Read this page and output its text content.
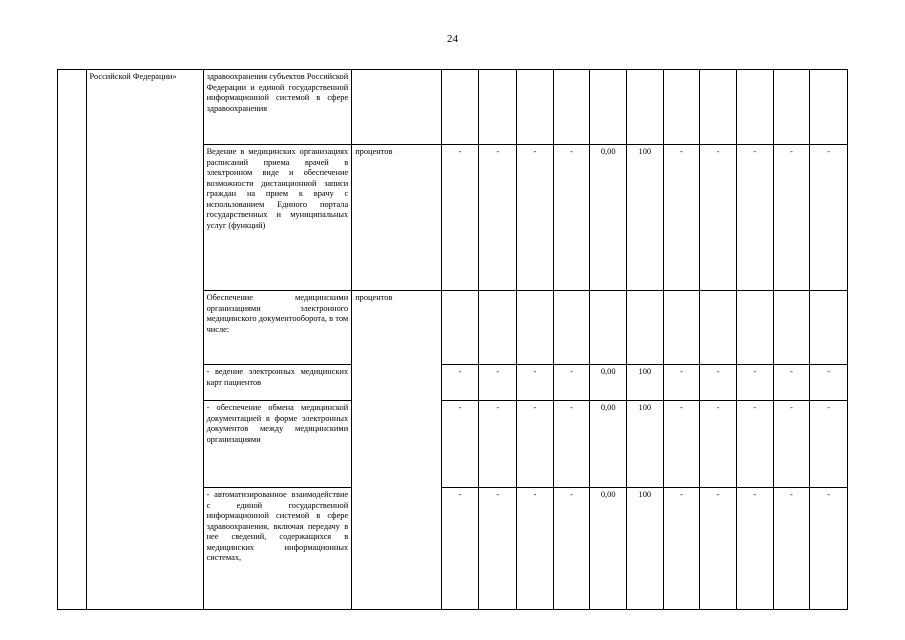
24
	Российской Федерации»	здравоохранения субъектов Российской Федерации и единой государственной информационной системой в сфере здравоохранения												
		Ведение в медицинских организациях расписаний приема врачей в электронном виде и обеспечение возможности дистанционной записи граждан на прием к врачу с использованием Единого портала государственных и муниципальных услуг (функций)	процентов	-	-	-	-	0,00	100	-	-	-	-	-
		Обеспечение медицинскими организациями электронного медицинского документооборота, в том числе:	процентов											
		- ведение электронных медицинских карт пациентов		-	-	-	-	0,00	100	-	-	-	-	-
		- обеспечение обмена медицинской документацией в форме электронных документов между медицинскими организациями		-	-	-	-	0,00	100	-	-	-	-	-
		- автоматизированное взаимодействие с единой государственной информационной системой в сфере здравоохранения, включая передачу в нее сведений, содержащихся в медицинских информационных системах,		-	-	-	-	0,00	100	-	-	-	-	-
